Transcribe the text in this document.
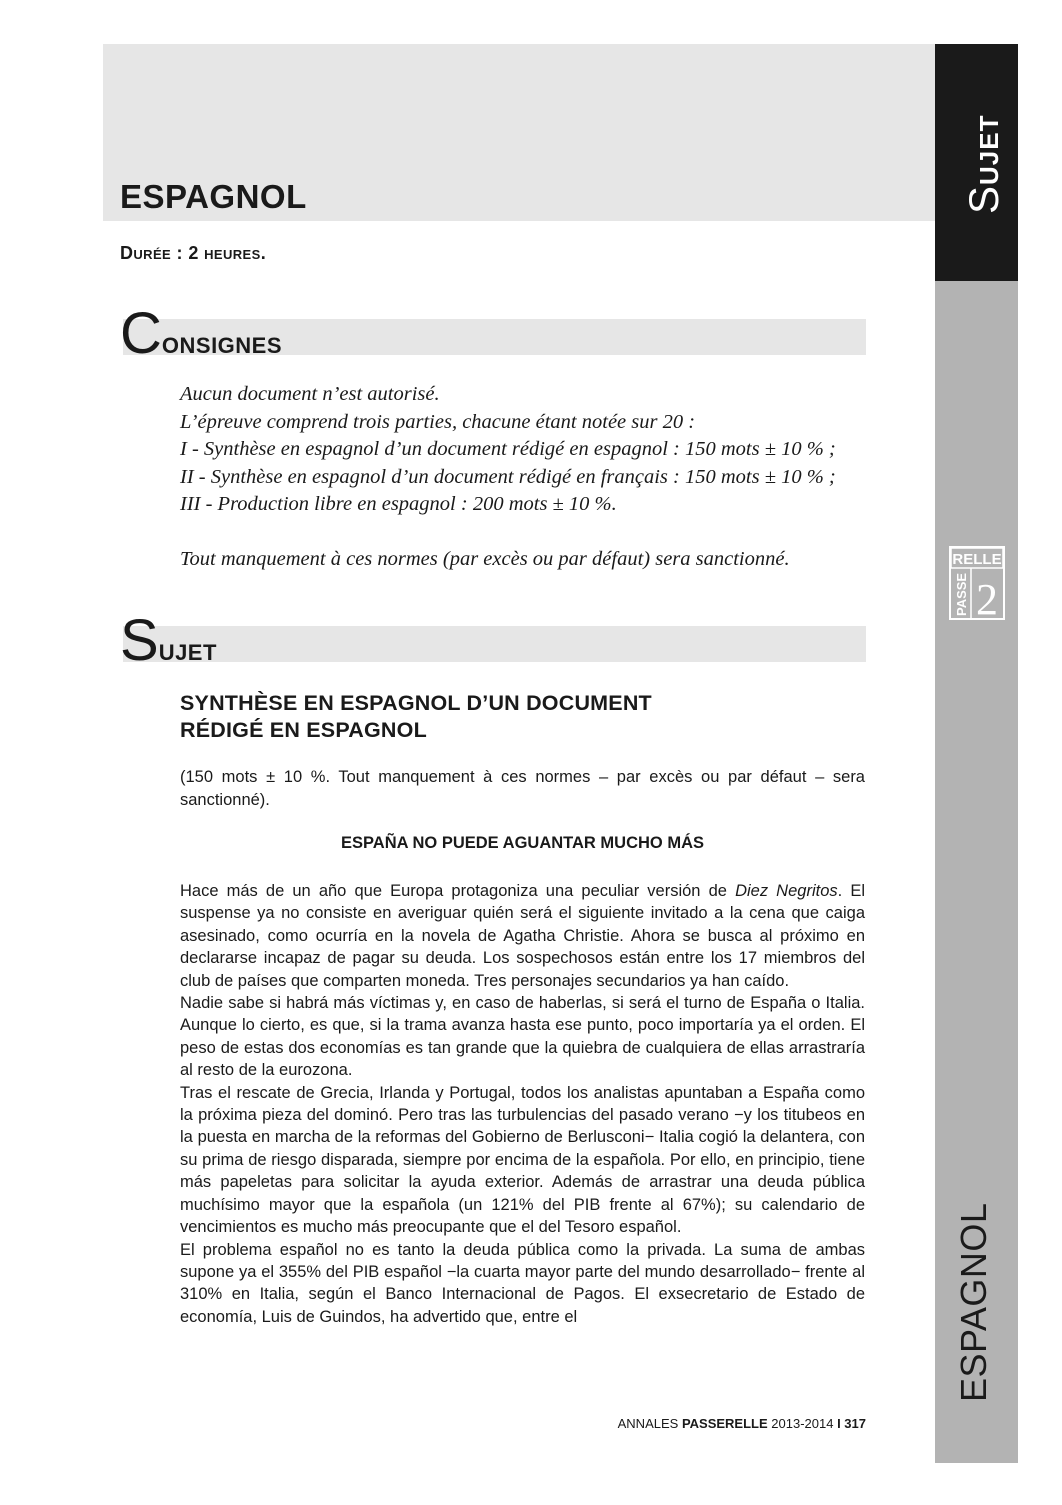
ESPAGNOL
Durée : 2 heures.
CONSIGNES
Aucun document n’est autorisé.
L’épreuve comprend trois parties, chacune étant notée sur 20 :
I - Synthèse en espagnol d’un document rédigé en espagnol : 150 mots ± 10 % ;
II - Synthèse en espagnol d’un document rédigé en français : 150 mots ± 10 % ;
III - Production libre en espagnol : 200 mots ± 10 %.
Tout manquement à ces normes (par excès ou par défaut) sera sanctionné.
SUJET
SYNTHÈSE EN ESPAGNOL D’UN DOCUMENT
RÉDIGÉ EN ESPAGNOL
(150 mots ± 10 %. Tout manquement à ces normes – par excès ou par défaut – sera sanctionné).
ESPAÑA NO PUEDE AGUANTAR MUCHO MÁS

Hace más de un año que Europa protagoniza una peculiar versión de Diez Negritos. El suspense ya no consiste en averiguar quién será el siguiente invitado a la cena que caiga asesinado, como ocurría en la novela de Agatha Christie. Ahora se busca al próximo en declararse incapaz de pagar su deuda. Los sospechosos están entre los 17 miembros del club de países que comparten moneda. Tres personajes secundarios ya han caído.

Nadie sabe si habrá más víctimas y, en caso de haberlas, si será el turno de España o Italia. Aunque lo cierto, es que, si la trama avanza hasta ese punto, poco importaría ya el orden. El peso de estas dos economías es tan grande que la quiebra de cualquiera de ellas arrastraría al resto de la eurozona.

Tras el rescate de Grecia, Irlanda y Portugal, todos los analistas apuntaban a España como la próxima pieza del dominó. Pero tras las turbulencias del pasado verano −y los titubeos en la puesta en marcha de la reformas del Gobierno de Berlusconi− Italia cogió la delantera, con su prima de riesgo disparada, siempre por encima de la española. Por ello, en principio, tiene más papeletas para solicitar la ayuda exterior. Además de arrastrar una deuda pública muchísimo mayor que la española (un 121% del PIB frente al 67%); su calendario de vencimientos es mucho más preocupante que el del Tesoro español.

El problema español no es tanto la deuda pública como la privada. La suma de ambas supone ya el 355% del PIB español −la cuarta mayor parte del mundo desarrollado− frente al 310% en Italia, según el Banco Internacional de Pagos. El exsecretario de Estado de economía, Luis de Guindos, ha advertido que, entre el

ANNALES PASSERELLE 2013-2014 I 317
SUJET
ESPAGNOL
RELLE
PASSE 2
